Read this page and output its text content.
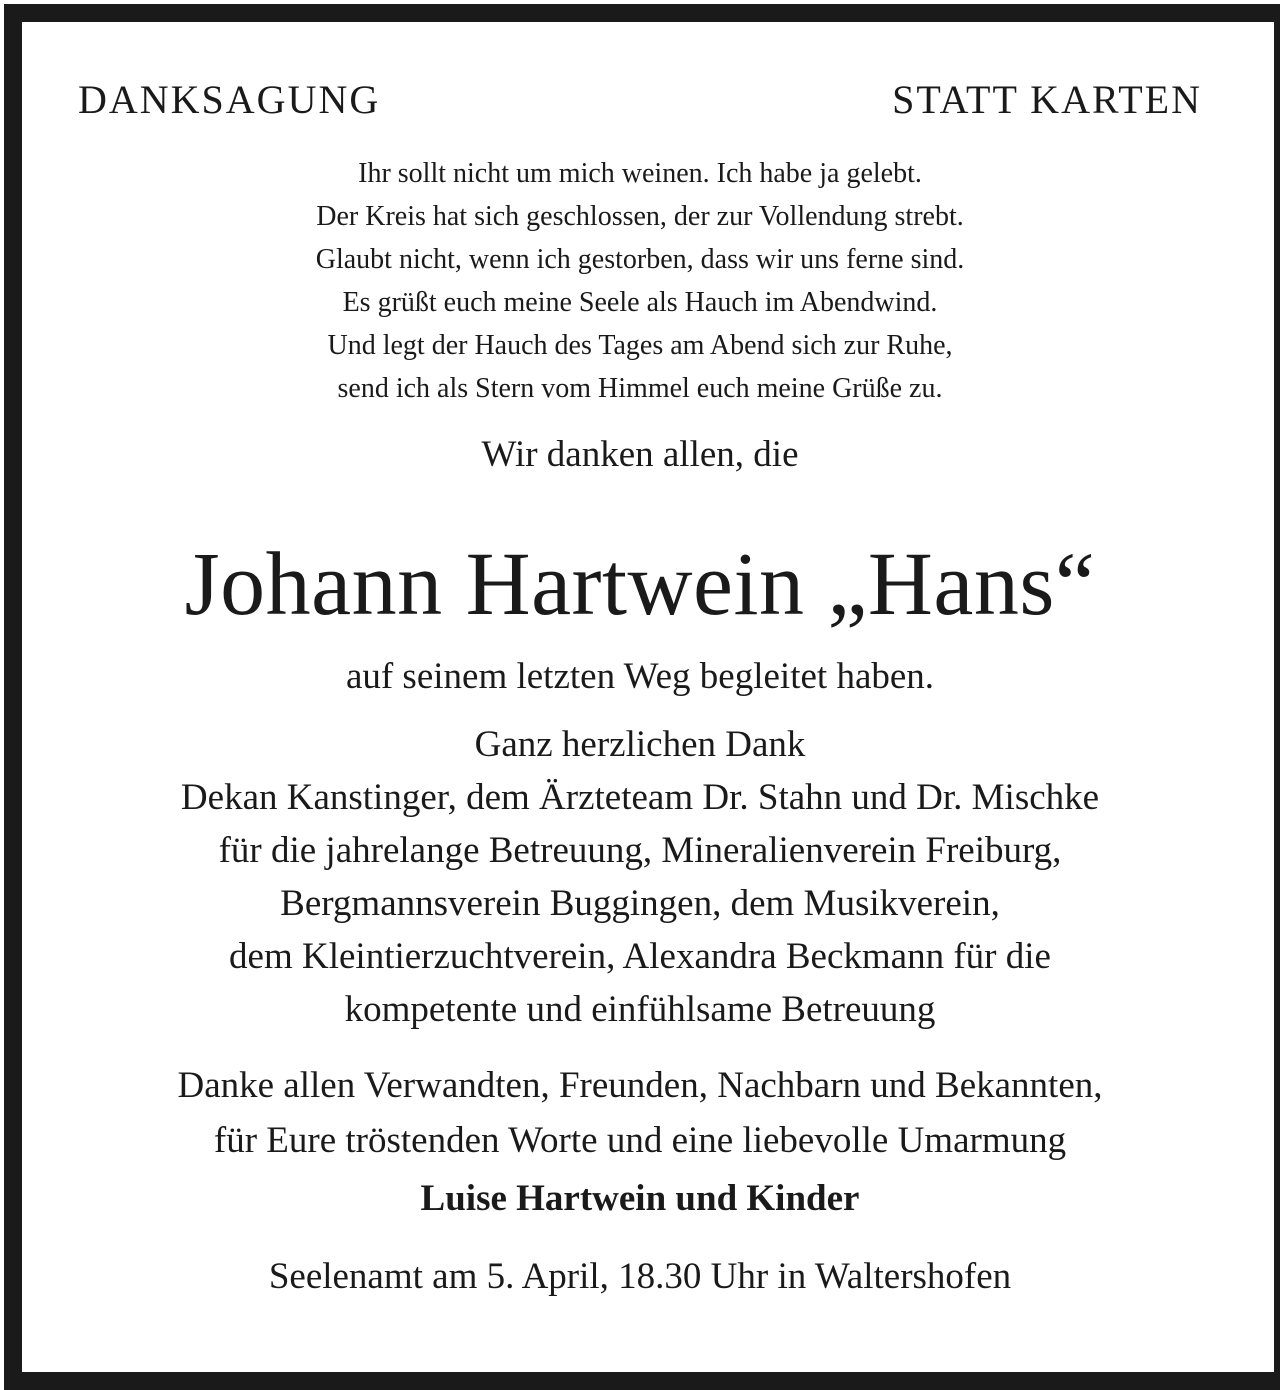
DANKSAGUNG	STATT KARTEN
Ihr sollt nicht um mich weinen. Ich habe ja gelebt.
Der Kreis hat sich geschlossen, der zur Vollendung strebt.
Glaubt nicht, wenn ich gestorben, dass wir uns ferne sind.
Es grüßt euch meine Seele als Hauch im Abendwind.
Und legt der Hauch des Tages am Abend sich zur Ruhe,
send ich als Stern vom Himmel euch meine Grüße zu.
Wir danken allen, die
Johann Hartwein „Hans“
auf seinem letzten Weg begleitet haben.
Ganz herzlichen Dank
Dekan Kanstinger, dem Ärzteteam Dr. Stahn und Dr. Mischke
für die jahrelange Betreuung, Mineralienverein Freiburg,
Bergmannsverein Buggingen, dem Musikverein,
dem Kleintierzuchtverein, Alexandra Beckmann für die
kompetente und einfühlsame Betreuung
Danke allen Verwandten, Freunden, Nachbarn und Bekannten,
für Eure tröstenden Worte und eine liebevolle Umarmung
Luise Hartwein und Kinder
Seelenamt am 5. April, 18.30 Uhr in Waltershofen
